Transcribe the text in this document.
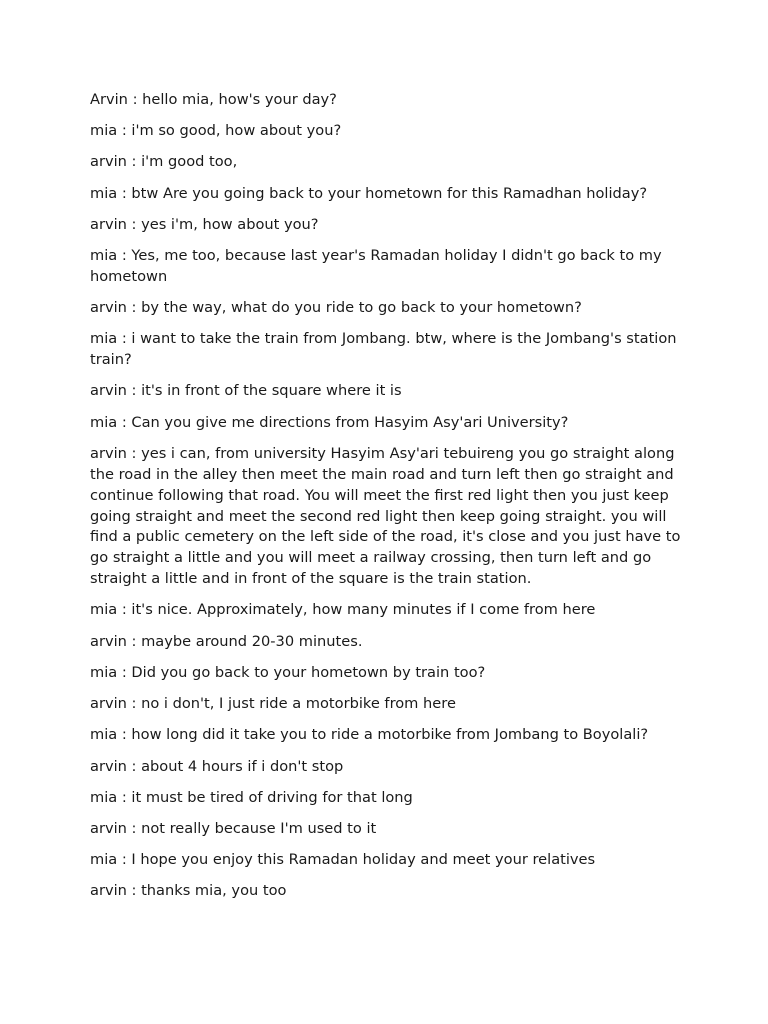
Arvin : hello mia, how's your day?

mia : i'm so good, how about you?

arvin : i'm good too,

mia : btw Are you going back to your hometown for this Ramadhan holiday?

arvin : yes i'm, how about you?

mia : Yes, me too, because last year's Ramadan holiday I didn't go back to my hometown

arvin : by the way, what do you ride to go back to your hometown?

mia : i want to take the train from Jombang. btw, where is the Jombang's station train?

arvin : it's in front of the square where it is

mia : Can you give me directions from Hasyim Asy'ari University?

arvin : yes i can, from university Hasyim Asy'ari tebuireng you go straight along the road in the alley then meet the main road and turn left then go straight and continue following that road. You will meet the first red light then you just keep going straight and meet the second red light then keep going straight. you will find a public cemetery on the left side of the road, it's close and you just have to go straight a little and you will meet a railway crossing, then turn left and go straight a little and in front of the square is the train station.

mia : it's nice. Approximately, how many minutes if I come from here

arvin : maybe around 20-30 minutes.

mia : Did you go back to your hometown by train too?

arvin : no i don't, I just ride a motorbike from here

mia : how long did it take you to ride a motorbike from Jombang to Boyolali?

arvin : about 4 hours if i don't stop

mia : it must be tired of driving for that long

arvin : not really because I'm used to it

mia : I hope you enjoy this Ramadan holiday and meet your relatives

arvin : thanks mia, you too
